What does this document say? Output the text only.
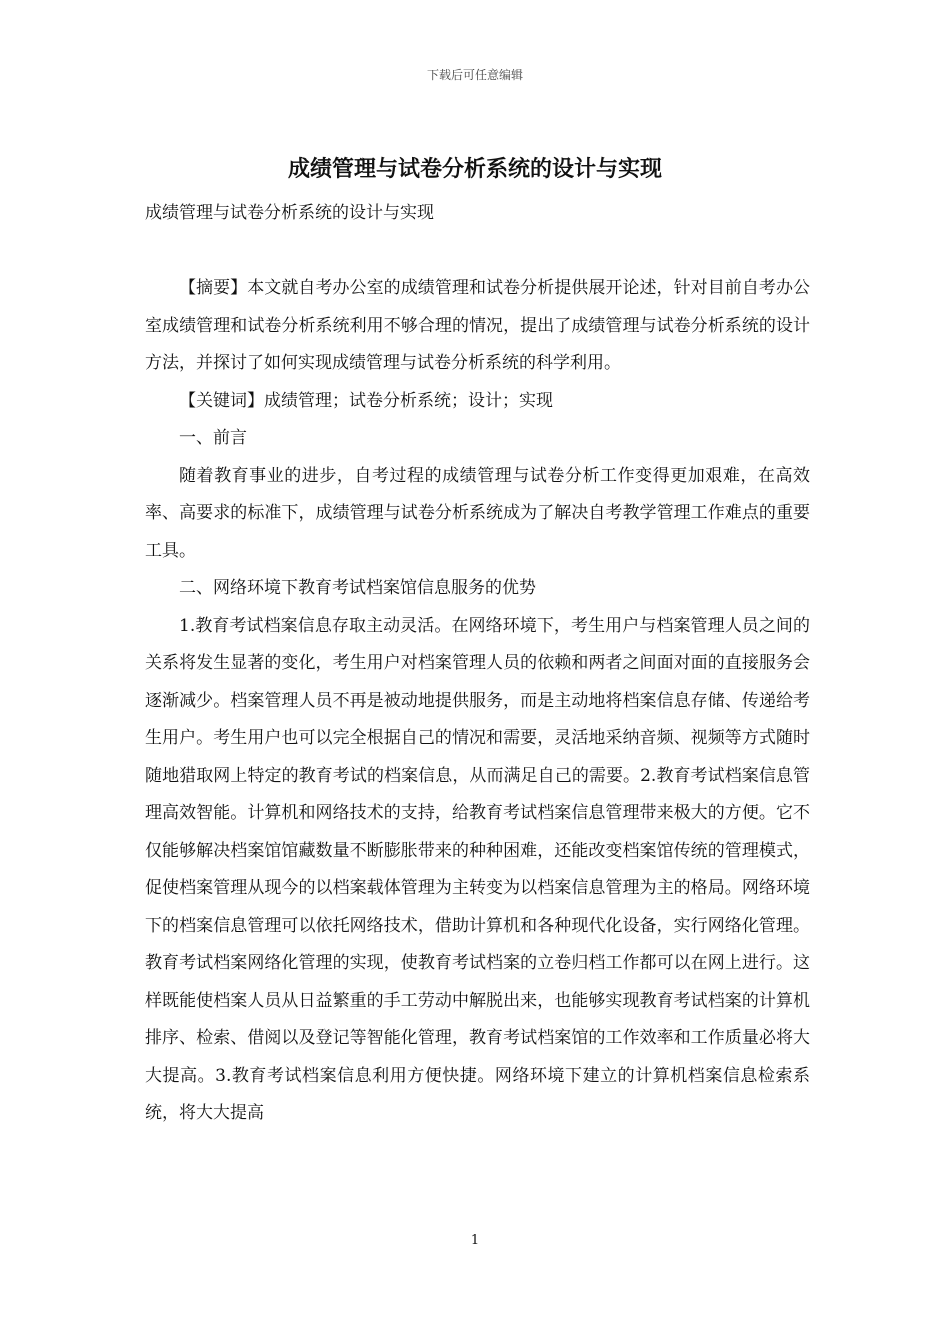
下载后可任意编辑
成绩管理与试卷分析系统的设计与实现

成绩管理与试卷分析系统的设计与实现

【摘要】本文就自考办公室的成绩管理和试卷分析提供展开论述，针对目前自考办公室成绩管理和试卷分析系统利用不够合理的情况，提出了成绩管理与试卷分析系统的设计方法，并探讨了如何实现成绩管理与试卷分析系统的科学利用。

【关键词】成绩管理；试卷分析系统；设计；实现

一、前言

随着教育事业的进步，自考过程的成绩管理与试卷分析工作变得更加艰难，在高效率、高要求的标准下，成绩管理与试卷分析系统成为了解决自考教学管理工作难点的重要工具。

二、网络环境下教育考试档案馆信息服务的优势

1.教育考试档案信息存取主动灵活。在网络环境下，考生用户与档案管理人员之间的关系将发生显著的变化，考生用户对档案管理人员的依赖和两者之间面对面的直接服务会逐渐减少。档案管理人员不再是被动地提供服务，而是主动地将档案信息存储、传递给考生用户。考生用户也可以完全根据自己的情况和需要，灵活地采纳音频、视频等方式随时随地猎取网上特定的教育考试的档案信息，从而满足自己的需要。2.教育考试档案信息管理高效智能。计算机和网络技术的支持，给教育考试档案信息管理带来极大的方便。它不仅能够解决档案馆馆藏数量不断膨胀带来的种种困难，还能改变档案馆传统的管理模式，促使档案管理从现今的以档案载体管理为主转变为以档案信息管理为主的格局。网络环境下的档案信息管理可以依托网络技术，借助计算机和各种现代化设备，实行网络化管理。教育考试档案网络化管理的实现，使教育考试档案的立卷归档工作都可以在网上进行。这样既能使档案人员从日益繁重的手工劳动中解脱出来，也能够实现教育考试档案的计算机排序、检索、借阅以及登记等智能化管理，教育考试档案馆的工作效率和工作质量必将大大提高。3.教育考试档案信息利用方便快捷。网络环境下建立的计算机档案信息检索系统，将大大提高

1
